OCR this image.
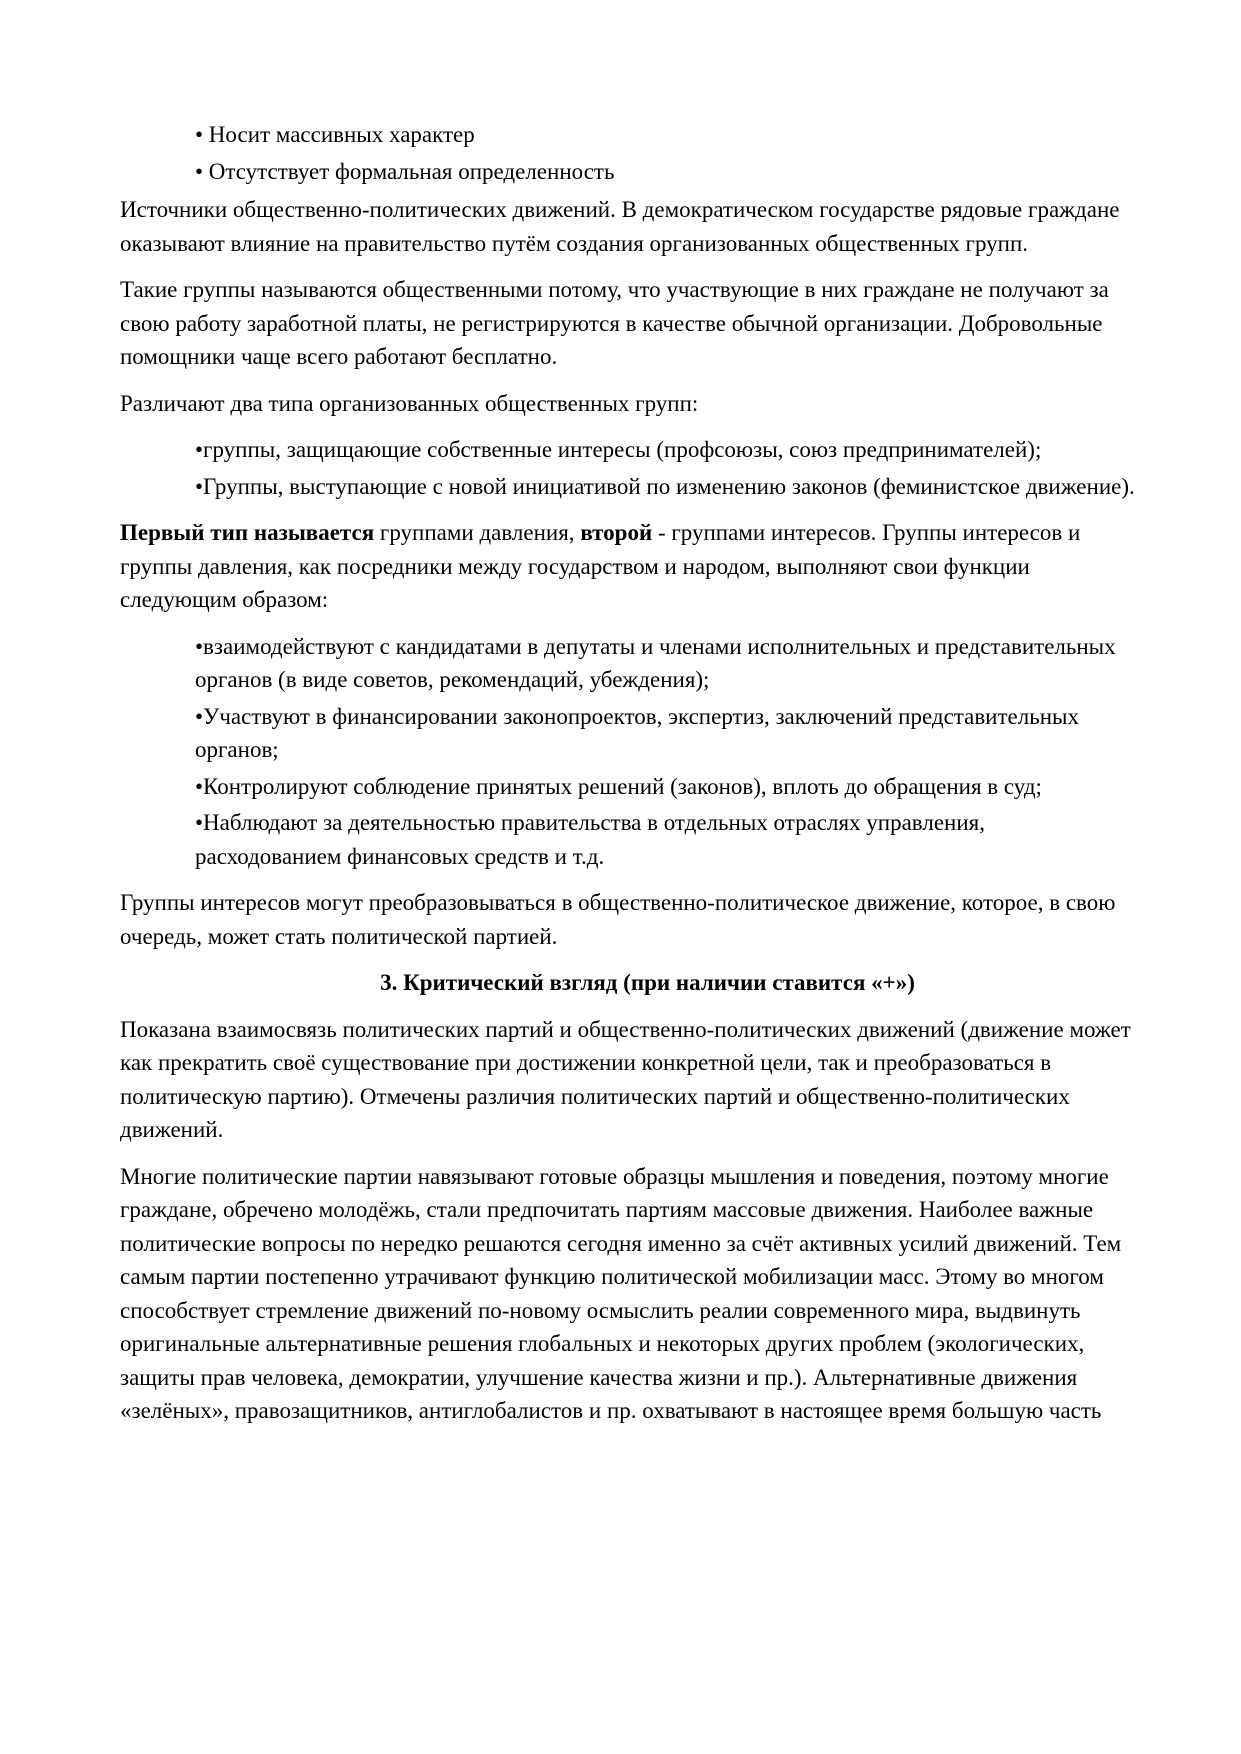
• Носит массивных характер
• Отсутствует формальная определенность

Источники общественно-политических движений. В демократическом государстве рядовые граждане оказывают влияние на правительство путём создания организованных общественных групп.

Такие группы называются общественными потому, что участвующие в них граждане не получают за свою работу заработной платы, не регистрируются в качестве обычной организации. Добровольные помощники чаще всего работают бесплатно.

Различают два типа организованных общественных групп:

•группы, защищающие собственные интересы (профсоюзы, союз предпринимателей);
•Группы, выступающие с новой инициативой по изменению законов (феминистское движение).

Первый тип называется группами давления, второй - группами интересов. Группы интересов и группы давления, как посредники между государством и народом, выполняют свои функции следующим образом:

•взаимодействуют с кандидатами в депутаты и членами исполнительных и представительных органов (в виде советов, рекомендаций, убеждения);
•Участвуют в финансировании законопроектов, экспертиз, заключений представительных органов;
•Контролируют соблюдение принятых решений (законов), вплоть до обращения в суд;
•Наблюдают за деятельностью правительства в отдельных отраслях управления, расходованием финансовых средств и т.д.

Группы интересов могут преобразовываться в общественно-политическое движение, которое, в свою очередь, может стать политической партией.

3. Критический взгляд (при наличии ставится «+»)

Показана взаимосвязь политических партий и общественно-политических движений (движение может как прекратить своё существование при достижении конкретной цели, так и преобразоваться в политическую партию). Отмечены различия политических партий и общественно-политических движений.

Многие политические партии навязывают готовые образцы мышления и поведения, поэтому многие граждане, обречено молодёжь, стали предпочитать партиям массовые движения. Наиболее важные политические вопросы по нередко решаются сегодня именно за счёт активных усилий движений. Тем самым партии постепенно утрачивают функцию политической мобилизации масс. Этому во многом способствует стремление движений по-новому осмыслить реалии современного мира, выдвинуть оригинальные альтернативные решения глобальных и некоторых других проблем (экологических, защиты прав человека, демократии, улучшение качества жизни и пр.). Альтернативные движения «зелёных», правозащитников, антиглобалистов и пр. охватывают в настоящее время большую часть
